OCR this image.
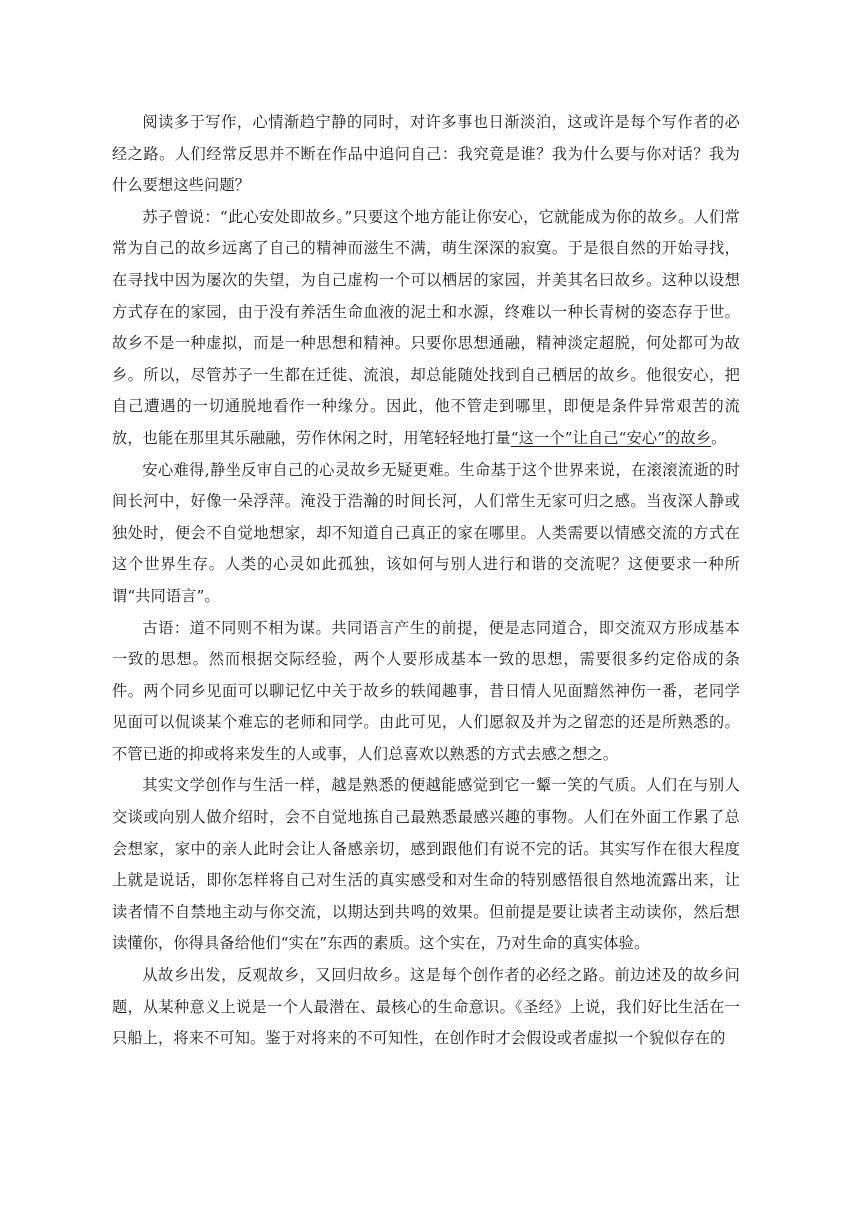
阅读多于写作，心情渐趋宁静的同时，对许多事也日渐淡泊，这或许是每个写作者的必经之路。人们经常反思并不断在作品中追问自己：我究竟是谁？我为什么要与你对话？我为什么要想这些问题？

苏子曾说：“此心安处即故乡。”只要这个地方能让你安心，它就能成为你的故乡。人们常常为自己的故乡远离了自己的精神而滋生不满，萌生深深的寂寞。于是很自然的开始寻找，在寻找中因为屡次的失望，为自己虚构一个可以栖居的家园，并美其名曰故乡。这种以设想方式存在的家园，由于没有养活生命血液的泥土和水源，终难以一种长青树的姿态存于世。故乡不是一种虚拟，而是一种思想和精神。只要你思想通融，精神淡定超脱，何处都可为故乡。所以，尽管苏子一生都在迁徙、流浪，却总能随处找到自己栖居的故乡。他很安心，把自己遭遇的一切通脱地看作一种缘分。因此，他不管走到哪里，即便是条件异常艰苦的流放，也能在那里其乐融融，劳作休闲之时，用笔轻轻地打量“这一个”让自己“安心”的故乡。

安心难得,静坐反审自己的心灵故乡无疑更难。生命基于这个世界来说，在滚滚流逝的时间长河中，好像一朵浮萍。淹没于浩瀚的时间长河，人们常生无家可归之感。当夜深人静或独处时，便会不自觉地想家，却不知道自己真正的家在哪里。人类需要以情感交流的方式在这个世界生存。人类的心灵如此孤独，该如何与别人进行和谐的交流呢？这便要求一种所谓“共同语言”。

古语：道不同则不相为谋。共同语言产生的前提，便是志同道合，即交流双方形成基本一致的思想。然而根据交际经验，两个人要形成基本一致的思想，需要很多约定俗成的条件。两个同乡见面可以聊记忆中关于故乡的轶闻趣事，昔日情人见面黯然神伤一番，老同学见面可以侃谈某个难忘的老师和同学。由此可见，人们愿叙及并为之留恋的还是所熟悉的。不管已逝的抑或将来发生的人或事，人们总喜欢以熟悉的方式去感之想之。

其实文学创作与生活一样，越是熟悉的便越能感觉到它一颦一笑的气质。人们在与别人交谈或向别人做介绍时，会不自觉地拣自己最熟悉最感兴趣的事物。人们在外面工作累了总会想家，家中的亲人此时会让人备感亲切，感到跟他们有说不完的话。其实写作在很大程度上就是说话，即你怎样将自己对生活的真实感受和对生命的特别感悟很自然地流露出来，让读者情不自禁地主动与你交流，以期达到共鸣的效果。但前提是要让读者主动读你，然后想读懂你，你得具备给他们“实在”东西的素质。这个实在，乃对生命的真实体验。

从故乡出发，反观故乡，又回归故乡。这是每个创作者的必经之路。前边述及的故乡问题，从某种意义上说是一个人最潜在、最核心的生命意识。《圣经》上说，我们好比生活在一只船上，将来不可知。鉴于对将来的不可知性，在创作时才会假设或者虚拟一个貌似存在的
